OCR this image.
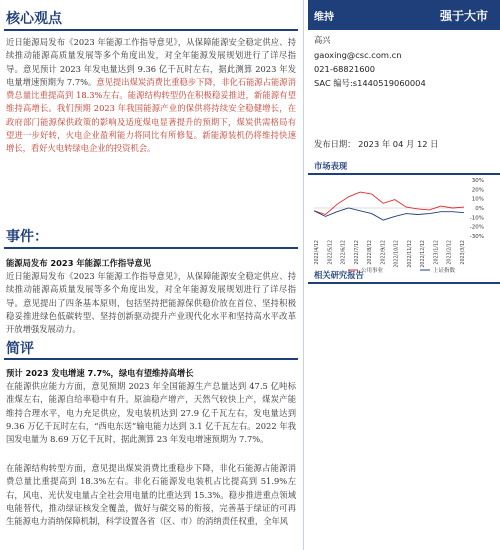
核心观点

近日能源局发布《2023 年能源工作指导意见》，从保障能源安全稳定供应、持续推动能源高质量发展等多个角度出发，对全年能源发展规划进行了详尽指导。意见预计 2023 年发电量达到 9.36 亿千瓦时左右，据此测算 2023 年发电量增速预期为 7.7%。意见提出煤炭消费比重稳步下降，非化石能源占能源消费总量比重提高到 18.3%左右。能源结构转型仍在积极稳妥推进，新能源有望维持高增长。我们预期 2023 年我国能源产业的保供将持续安全稳健增长，在政府部门能源保供政策的影响及适度煤电显著提升的预期下，煤炭供需格局有望进一步好转，火电企业盈利能力将同比有所修复。新能源装机仍将维持快速增长，看好火电转绿电企业的投资机会。

事件：
能源局发布 2023 年能源工作指导意见

近日能源局发布《2023 年能源工作指导意见》，从保障能源安全稳定供应、持续推动能源高质量发展等多个角度出发，对全年能源发展规划进行了详尽指导。意见提出了四条基本原则，包括坚持把能源保供稳价放在首位、坚持积极稳妥推进绿色低碳转型、坚持创新驱动提升产业现代化水平和坚持高水平改革开放增强发展动力。

简评
预计 2023 发电增速 7.7%，绿电有望维持高增长

在能源供应能力方面，意见预期 2023 年全国能源生产总量达到 47.5 亿吨标准煤左右，能源自给率稳中有升。原油稳产增产，天然气较快上产，煤炭产能维持合理水平，电力充足供应，发电装机达到 27.9 亿千瓦左右，发电量达到 9.36 万亿千瓦时左右，“西电东送”输电能力达到 3.1 亿千瓦左右。2022 年我国发电量为 8.69 万亿千瓦时，据此测算 23 年发电增速预期为 7.7%。

在能源结构转型方面，意见提出煤炭消费比重稳步下降，非化石能源占能源消费总量比重提高到 18.3%左右。非化石能源发电装机占比提高到 51.9%左右，风电、光伏发电量占全社会用电量的比重达到 15.3%。稳步推进重点领域电能替代，推动绿证核发全覆盖，做好与碳交易的衔接，完善基于绿证的可再生能源电力消纳保障机制，科学设置各省（区、市）的消纳责任权重，全年风

维持	强于大市
高兴
gaoxing@csc.com.cn
021-68821600
SAC 编号:s1440519060004
发布日期： 2023 年 04 月 12 日
市场表现
30%
20%
10%
0%
-10%
-20%
-30%
2022/4/12 2022/5/12 2022/6/12 2022/7/12 2022/8/12 2022/9/12 2022/10/12 2022/11/12 2022/12/12 2023/1/12 2023/2/12 2023/3/12
公用事业	上证指数
相关研究报告
